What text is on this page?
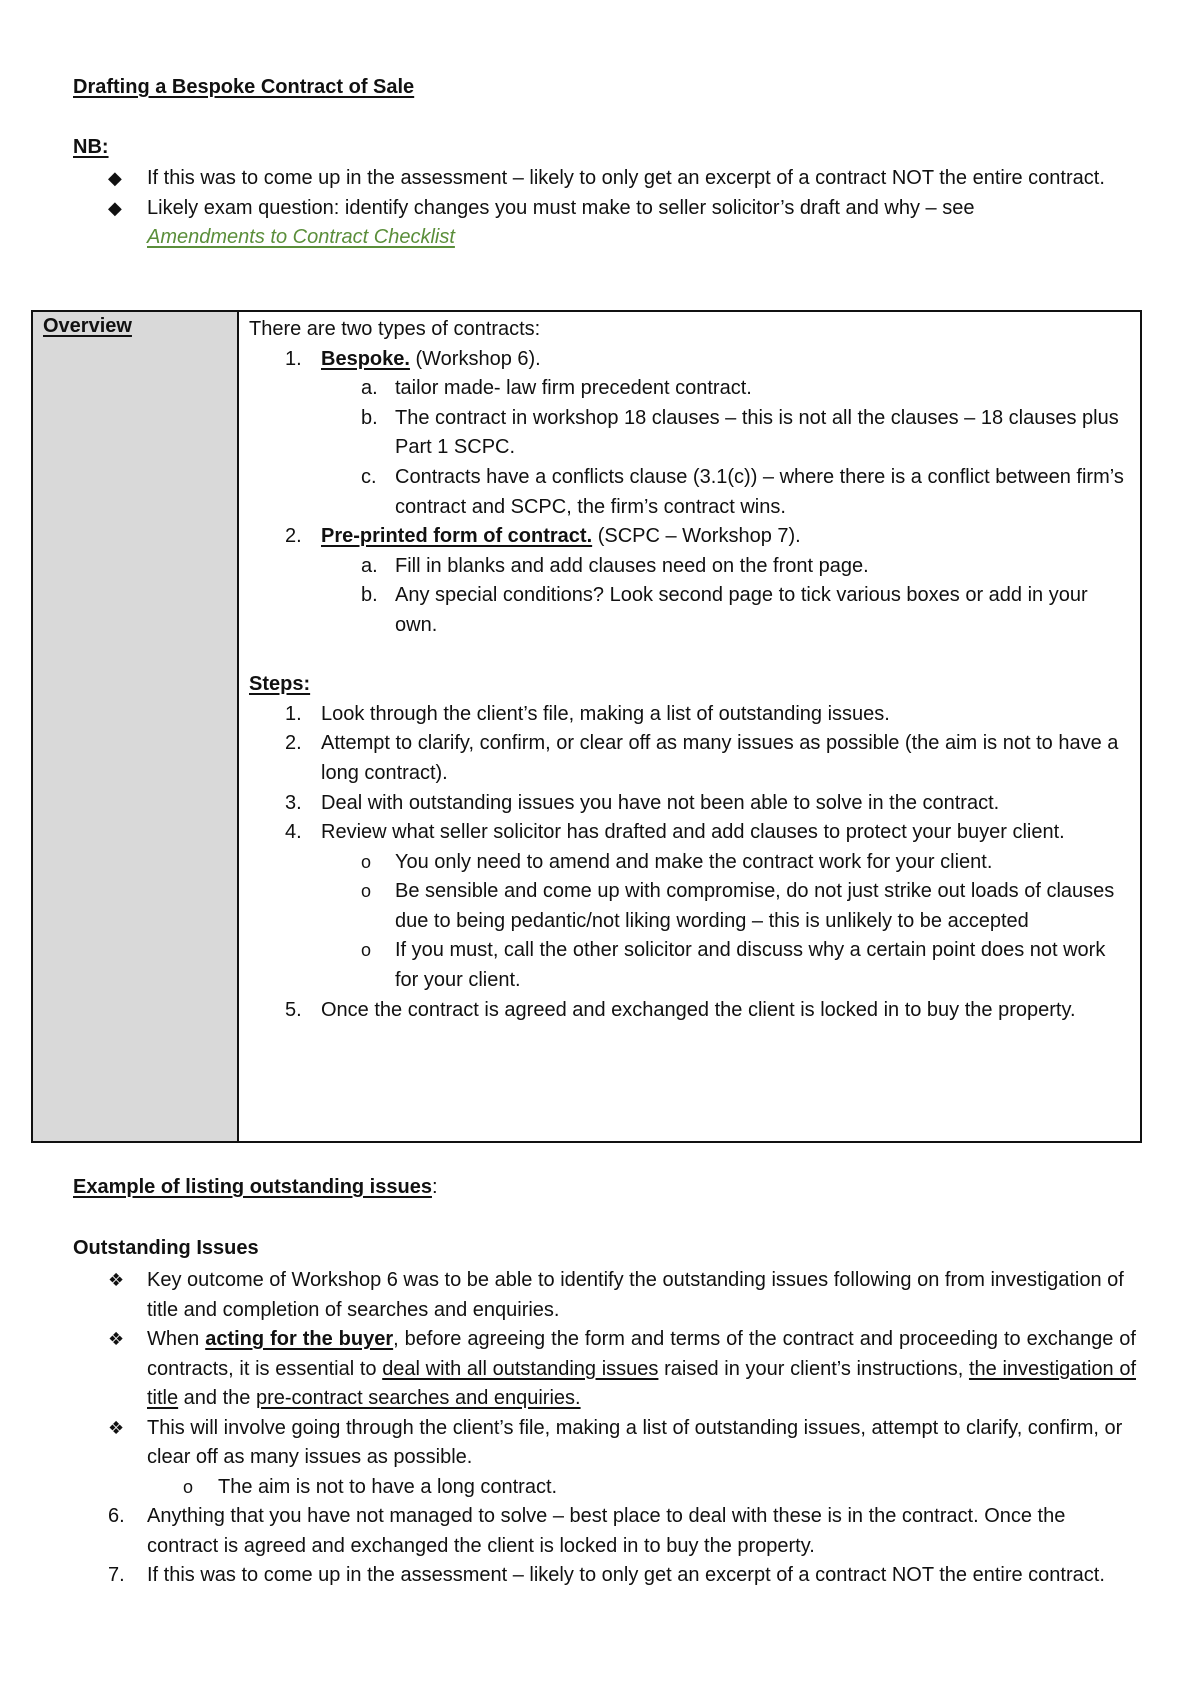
Drafting a Bespoke Contract of Sale
NB:
◆ If this was to come up in the assessment – likely to only get an excerpt of a contract NOT the entire contract.
◆ Likely exam question: identify changes you must make to seller solicitor’s draft and why – see
Amendments to Contract Checklist
Overview	There are two types of contracts:
1. Bespoke. (Workshop 6).
a. tailor made- law firm precedent contract.
b. The contract in workshop 18 clauses – this is not all the clauses – 18 clauses plus Part 1 SCPC.
c. Contracts have a conflicts clause (3.1(c)) – where there is a conflict between firm’s contract and SCPC, the firm’s contract wins.
2. Pre-printed form of contract. (SCPC – Workshop 7).
a. Fill in blanks and add clauses need on the front page.
b. Any special conditions? Look second page to tick various boxes or add in your own.
Steps:
1. Look through the client’s file, making a list of outstanding issues.
2. Attempt to clarify, confirm, or clear off as many issues as possible (the aim is not to have a long contract).
3. Deal with outstanding issues you have not been able to solve in the contract.
4. Review what seller solicitor has drafted and add clauses to protect your buyer client.
o You only need to amend and make the contract work for your client.
o Be sensible and come up with compromise, do not just strike out loads of clauses due to being pedantic/not liking wording – this is unlikely to be accepted
o If you must, call the other solicitor and discuss why a certain point does not work for your client.
5. Once the contract is agreed and exchanged the client is locked in to buy the property.
Example of listing outstanding issues:
Outstanding Issues
❖ Key outcome of Workshop 6 was to be able to identify the outstanding issues following on from investigation of title and completion of searches and enquiries.
❖ When acting for the buyer, before agreeing the form and terms of the contract and proceeding to exchange of contracts, it is essential to deal with all outstanding issues raised in your client’s instructions, the investigation of title and the pre-contract searches and enquiries.
❖ This will involve going through the client’s file, making a list of outstanding issues, attempt to clarify, confirm, or clear off as many issues as possible.
o The aim is not to have a long contract.
6. Anything that you have not managed to solve – best place to deal with these is in the contract. Once the contract is agreed and exchanged the client is locked in to buy the property.
7. If this was to come up in the assessment – likely to only get an excerpt of a contract NOT the entire contract.
